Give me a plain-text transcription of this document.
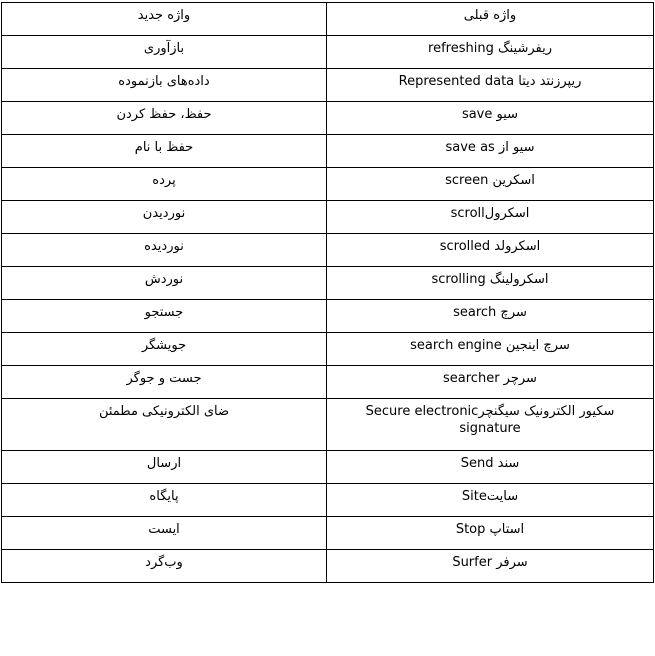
واژه قبلی	واژه جدید

ریفرشینگ refreshing	بازآوری

ریپرزنتد دیتا Represented data	داده‌های بازنموده

سیو save	حفظ، حفظ کردن

سیو از save as	حفظ با نام

اسکرین screen	پرده

اسکرولscroll	نوردیدن

اسکرولد scrolled	نوردیده

اسکرولینگ scrolling	نوردش

سرچ search	جستجو

سرچ اینجین search engine	جویشگر

سرچر searcher	جست و جوگر

سکیور الکترونیک سیگنچرSecure electronic signature	ضای الکترونیکی مطمئن

سند Send	ارسال

سایتSite	پایگاه

استاپ Stop	ایست

سرفر Surfer	وب‌گرد
